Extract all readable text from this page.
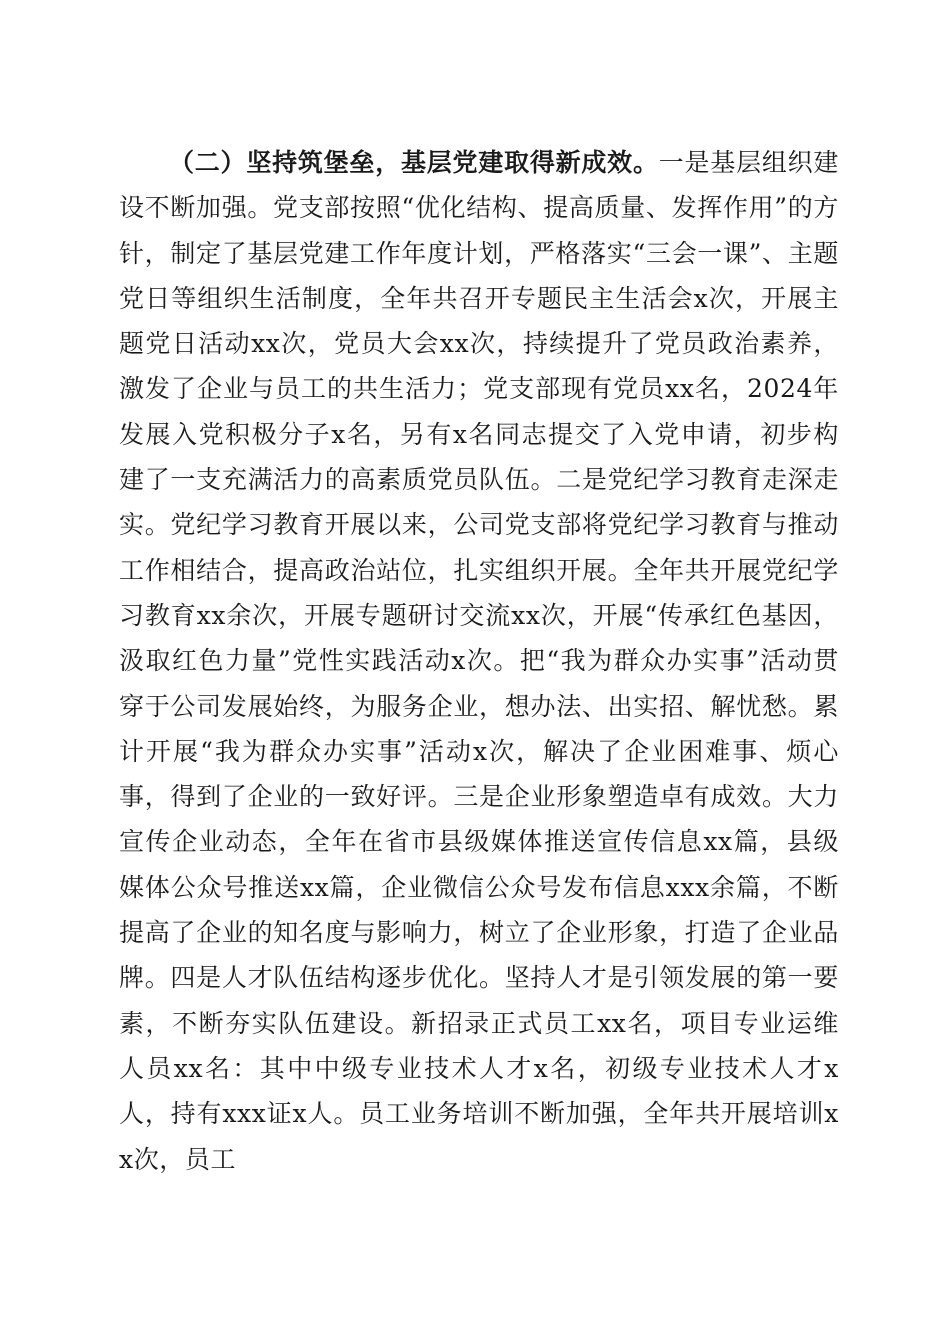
（二）坚持筑堡垒，基层党建取得新成效。一是基层组织建设不断加强。党支部按照“优化结构、提高质量、发挥作用”的方针，制定了基层党建工作年度计划，严格落实“三会一课”、主题党日等组织生活制度，全年共召开专题民主生活会x次，开展主题党日活动xx次，党员大会xx次，持续提升了党员政治素养，激发了企业与员工的共生活力；党支部现有党员xx名，2024年发展入党积极分子x名，另有x名同志提交了入党申请，初步构建了一支充满活力的高素质党员队伍。二是党纪学习教育走深走实。党纪学习教育开展以来，公司党支部将党纪学习教育与推动工作相结合，提高政治站位，扎实组织开展。全年共开展党纪学习教育xx余次，开展专题研讨交流xx次，开展“传承红色基因，汲取红色力量”党性实践活动x次。把“我为群众办实事”活动贯穿于公司发展始终，为服务企业，想办法、出实招、解忧愁。累计开展“我为群众办实事”活动x次，解决了企业困难事、烦心事，得到了企业的一致好评。三是企业形象塑造卓有成效。大力宣传企业动态，全年在省市县级媒体推送宣传信息xx篇，县级媒体公众号推送xx篇，企业微信公众号发布信息xxx余篇，不断提高了企业的知名度与影响力，树立了企业形象，打造了企业品牌。四是人才队伍结构逐步优化。坚持人才是引领发展的第一要素，不断夯实队伍建设。新招录正式员工xx名，项目专业运维人员xx名：其中中级专业技术人才x名，初级专业技术人才x人，持有xxx证x人。员工业务培训不断加强，全年共开展培训xx次，员工
